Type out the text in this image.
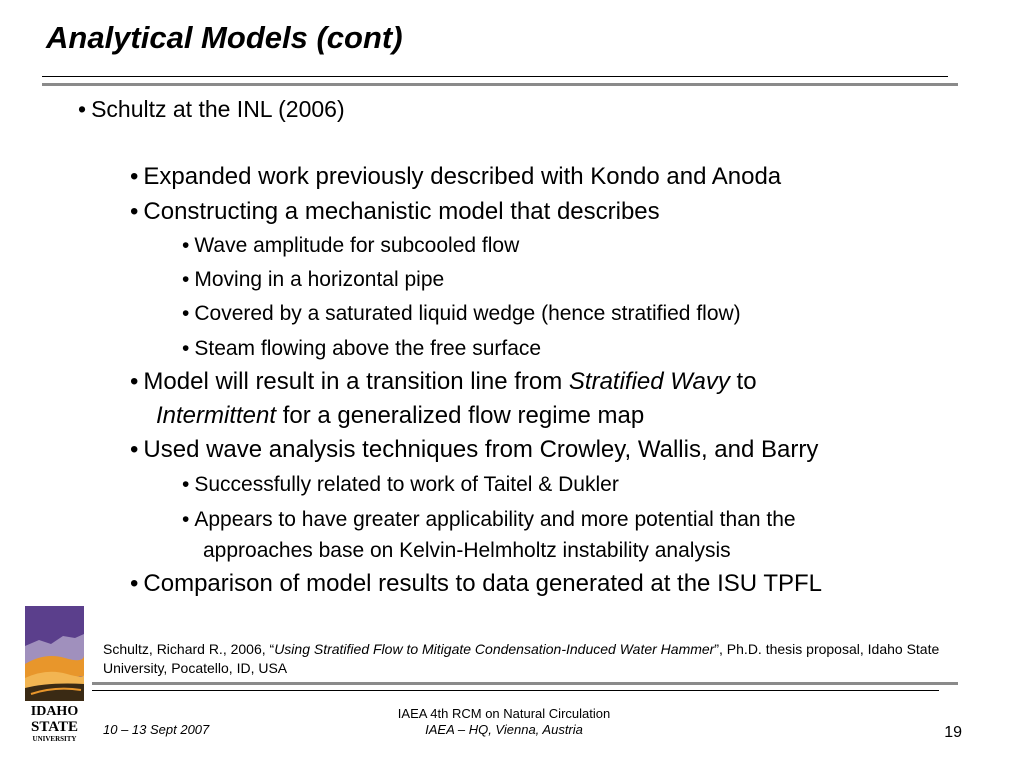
Analytical Models (cont)
• Schultz at the INL (2006)
• Expanded work previously described with Kondo and Anoda
• Constructing a mechanistic model that describes
• Wave amplitude for subcooled flow
• Moving in a horizontal pipe
• Covered by a saturated liquid wedge (hence stratified flow)
• Steam flowing above the free surface
• Model will result in a transition line from Stratified Wavy to
Intermittent for a generalized flow regime map
• Used wave analysis techniques from Crowley, Wallis, and Barry
• Successfully related to work of Taitel & Dukler
• Appears to have greater applicability and more potential than the
approaches base on Kelvin-Helmholtz instability analysis
• Comparison of model results to data generated at the ISU TPFL
IDAHO
STATE
UNIVERSITY
Schultz, Richard R., 2006, “Using Stratified Flow to Mitigate Condensation-Induced Water Hammer”, Ph.D. thesis proposal, Idaho State University, Pocatello, ID, USA
10 – 13 Sept 2007
IAEA 4th RCM on Natural Circulation
IAEA – HQ, Vienna, Austria	19
